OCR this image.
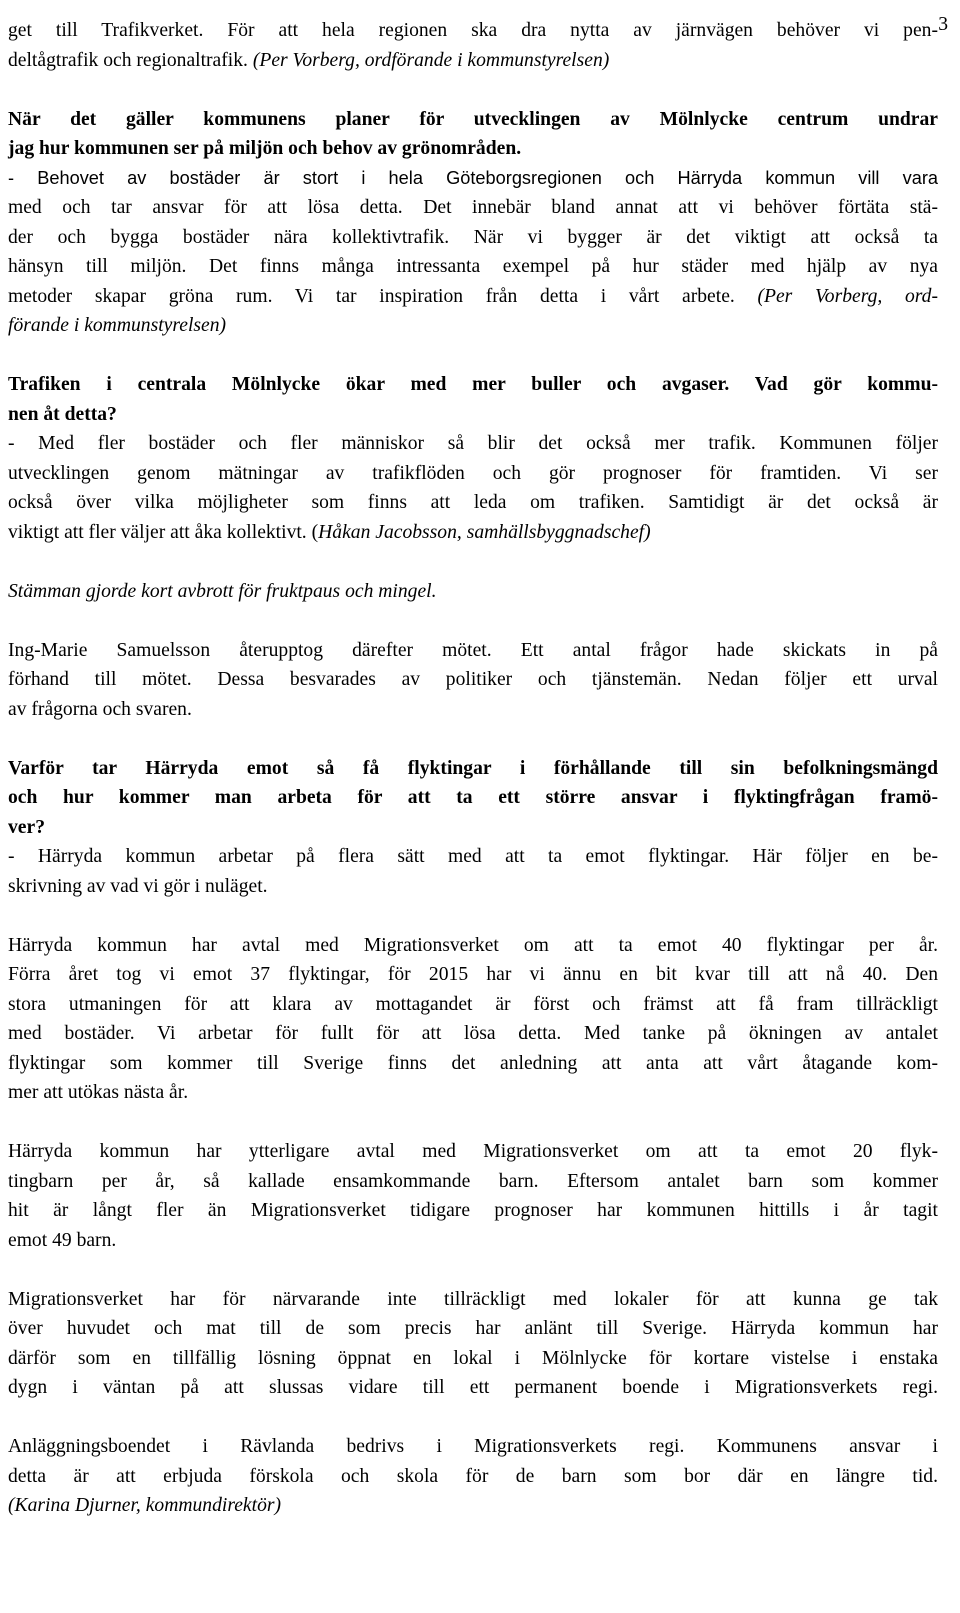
3
get till Trafikverket. För att hela regionen ska dra nytta av järnvägen behöver vi pen-
deltågtrafik och regionaltrafik. (Per Vorberg, ordförande i kommunstyrelsen)
När det gäller kommunens planer för utvecklingen av Mölnlycke centrum undrar
jag hur kommunen ser på miljön och behov av grönområden.
- Behovet av bostäder är stort i hela Göteborgsregionen och Härryda kommun vill vara
med och tar ansvar för att lösa detta. Det innebär bland annat att vi behöver förtäta stä-
der och bygga bostäder nära kollektivtrafik. När vi bygger är det viktigt att också ta
hänsyn till miljön. Det finns många intressanta exempel på hur städer med hjälp av nya
metoder skapar gröna rum. Vi tar inspiration från detta i vårt arbete. (Per Vorberg, ord-
förande i kommunstyrelsen)
Trafiken i centrala Mölnlycke ökar med mer buller och avgaser. Vad gör kommu-
nen åt detta?
- Med fler bostäder och fler människor så blir det också mer trafik. Kommunen följer
utvecklingen genom mätningar av trafikflöden och gör prognoser för framtiden. Vi ser
också över vilka möjligheter som finns att leda om trafiken. Samtidigt är det också är
viktigt att fler väljer att åka kollektivt. (Håkan Jacobsson, samhällsbyggnadschef)
Stämman gjorde kort avbrott för fruktpaus och mingel.
Ing-Marie Samuelsson återupptog därefter mötet. Ett antal frågor hade skickats in på
förhand till mötet. Dessa besvarades av politiker och tjänstemän. Nedan följer ett urval
av frågorna och svaren.
Varför tar Härryda emot så få flyktingar i förhållande till sin befolkningsmängd
och hur kommer man arbeta för att ta ett större ansvar i flyktingfrågan framö-
ver?
- Härryda kommun arbetar på flera sätt med att ta emot flyktingar. Här följer en be-
skrivning av vad vi gör i nuläget.
Härryda kommun har avtal med Migrationsverket om att ta emot 40 flyktingar per år.
Förra året tog vi emot 37 flyktingar, för 2015 har vi ännu en bit kvar till att nå 40. Den
stora utmaningen för att klara av mottagandet är först och främst att få fram tillräckligt
med bostäder. Vi arbetar för fullt för att lösa detta. Med tanke på ökningen av antalet
flyktingar som kommer till Sverige finns det anledning att anta att vårt åtagande kom-
mer att utökas nästa år.
Härryda kommun har ytterligare avtal med Migrationsverket om att ta emot 20 flyk-
tingbarn per år, så kallade ensamkommande barn. Eftersom antalet barn som kommer
hit är långt fler än Migrationsverket tidigare prognoser har kommunen hittills i år tagit
emot 49 barn.
Migrationsverket har för närvarande inte tillräckligt med lokaler för att kunna ge tak
över huvudet och mat till de som precis har anlänt till Sverige. Härryda kommun har
därför som en tillfällig lösning öppnat en lokal i Mölnlycke för kortare vistelse i enstaka
dygn i väntan på att slussas vidare till ett permanent boende i Migrationsverkets regi.
Anläggningsboendet i Rävlanda bedrivs i Migrationsverkets regi. Kommunens ansvar i
detta är att erbjuda förskola och skola för de barn som bor där en längre tid.
(Karina Djurner, kommundirektör)
